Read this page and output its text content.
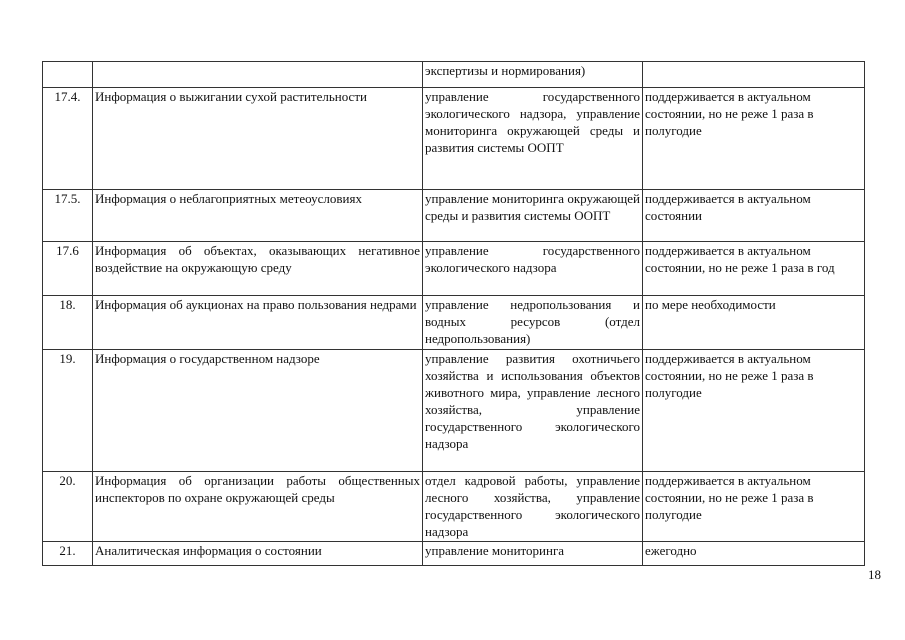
		экспертизы и нормирования)	
17.4.	Информация о выжигании сухой растительности	управление государственного экологического надзора, управление мониторинга окружающей среды и развития системы ООПТ	поддерживается в актуальном состоянии, но не реже 1 раза в полугодие
17.5.	Информация о неблагоприятных метеоусловиях	управление мониторинга окружающей среды и развития системы ООПТ	поддерживается в актуальном состоянии
17.6	Информация об объектах, оказывающих негативное воздействие на окружающую среду	управление государственного экологического надзора	поддерживается в актуальном состоянии, но не реже 1 раза в год
18.	Информация об аукционах на право пользования недрами	управление недропользования и водных ресурсов (отдел недропользования)	по мере необходимости
19.	Информация о государственном надзоре	управление развития охотничьего хозяйства и использования объектов животного мира, управление лесного хозяйства, управление государственного экологического надзора	поддерживается в актуальном состоянии, но не реже 1 раза в полугодие
20.	Информация об организации работы общественных инспекторов по охране окружающей среды	отдел кадровой работы, управление лесного хозяйства, управление государственного экологического надзора	поддерживается в актуальном состоянии, но не реже 1 раза в полугодие
21.	Аналитическая информация о состоянии	управление мониторинга	ежегодно
18
